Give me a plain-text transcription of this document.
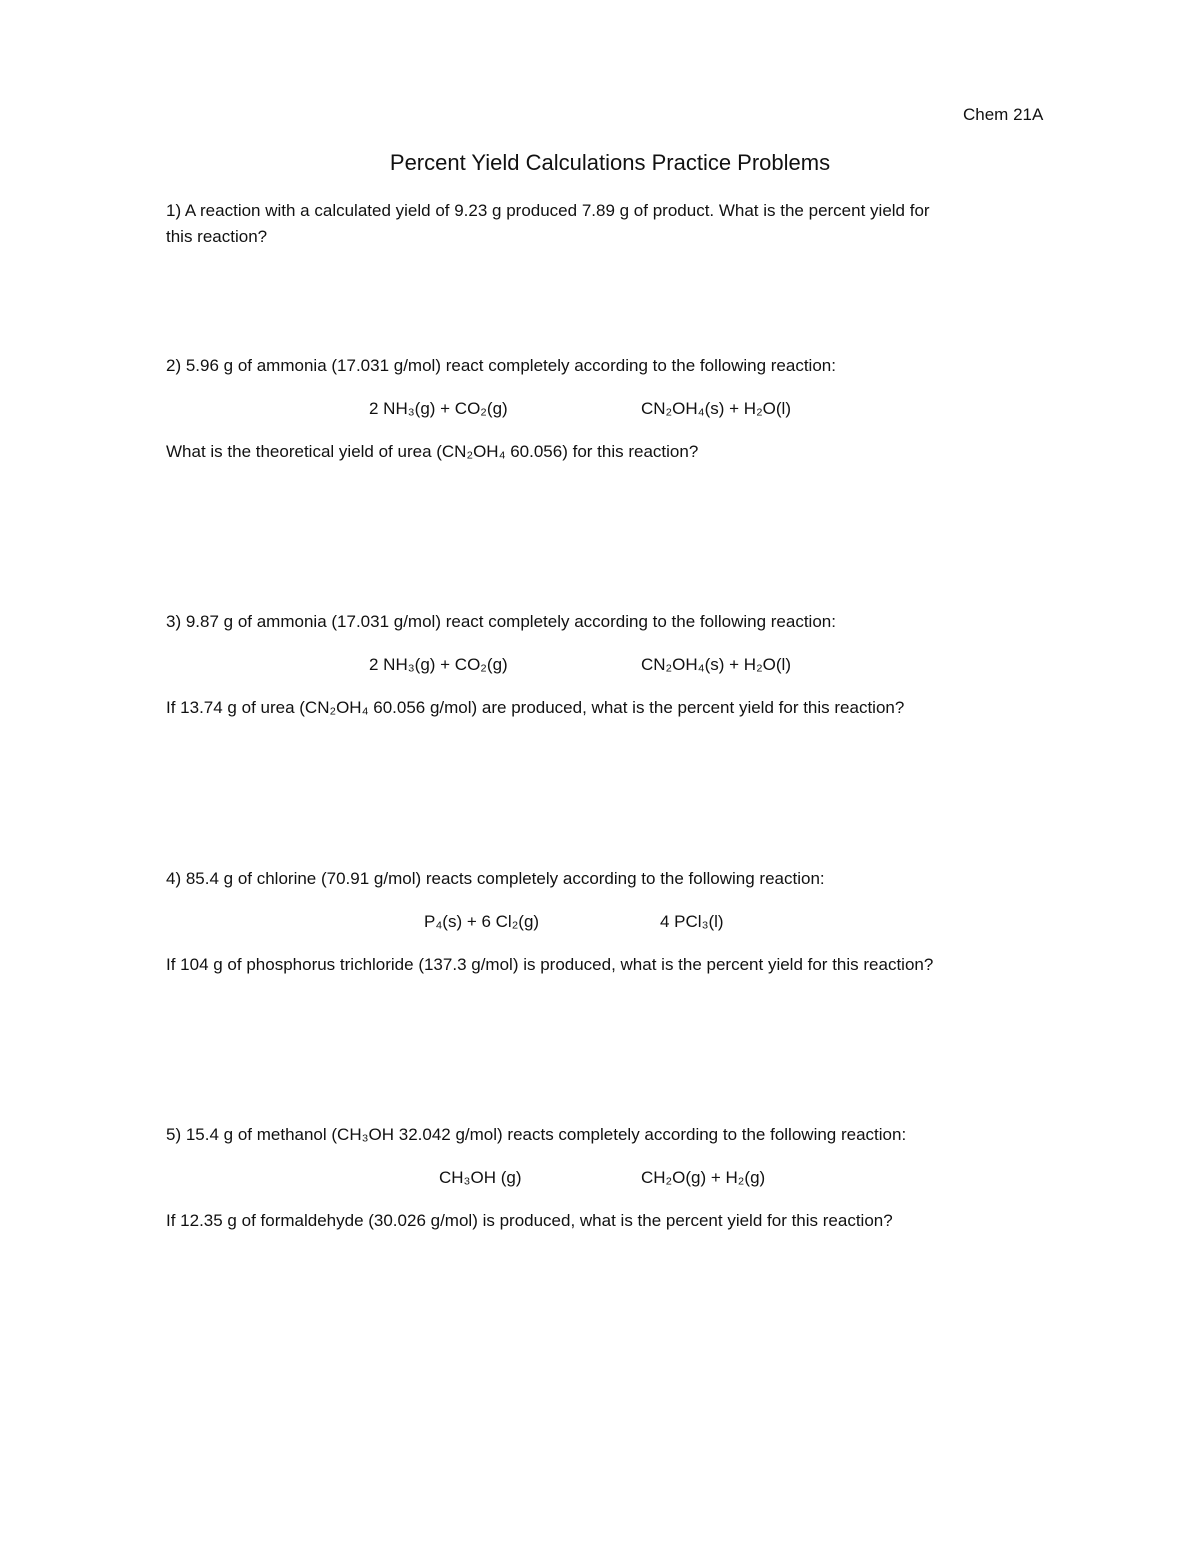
Chem 21A
Percent Yield Calculations Practice Problems
1) A reaction with a calculated yield of 9.23 g produced 7.89 g of product. What is the percent yield for
this reaction?
2) 5.96 g of ammonia (17.031 g/mol) react completely according to the following reaction:
2 NH₃(g) + CO₂(g)	CN₂OH₄(s) + H₂O(l)
What is the theoretical yield of urea (CN₂OH₄ 60.056) for this reaction?
3) 9.87 g of ammonia (17.031 g/mol) react completely according to the following reaction:
2 NH₃(g) + CO₂(g)	CN₂OH₄(s) + H₂O(l)
If 13.74 g of urea (CN₂OH₄ 60.056 g/mol) are produced, what is the percent yield for this reaction?
4) 85.4 g of chlorine (70.91 g/mol) reacts completely according to the following reaction:
P₄(s) + 6 Cl₂(g)	4 PCl₃(l)
If 104 g of phosphorus trichloride (137.3 g/mol) is produced, what is the percent yield for this reaction?
5) 15.4 g of methanol (CH₃OH 32.042 g/mol) reacts completely according to the following reaction:
CH₃OH (g)	CH₂O(g) + H₂(g)
If 12.35 g of formaldehyde (30.026 g/mol) is produced, what is the percent yield for this reaction?
